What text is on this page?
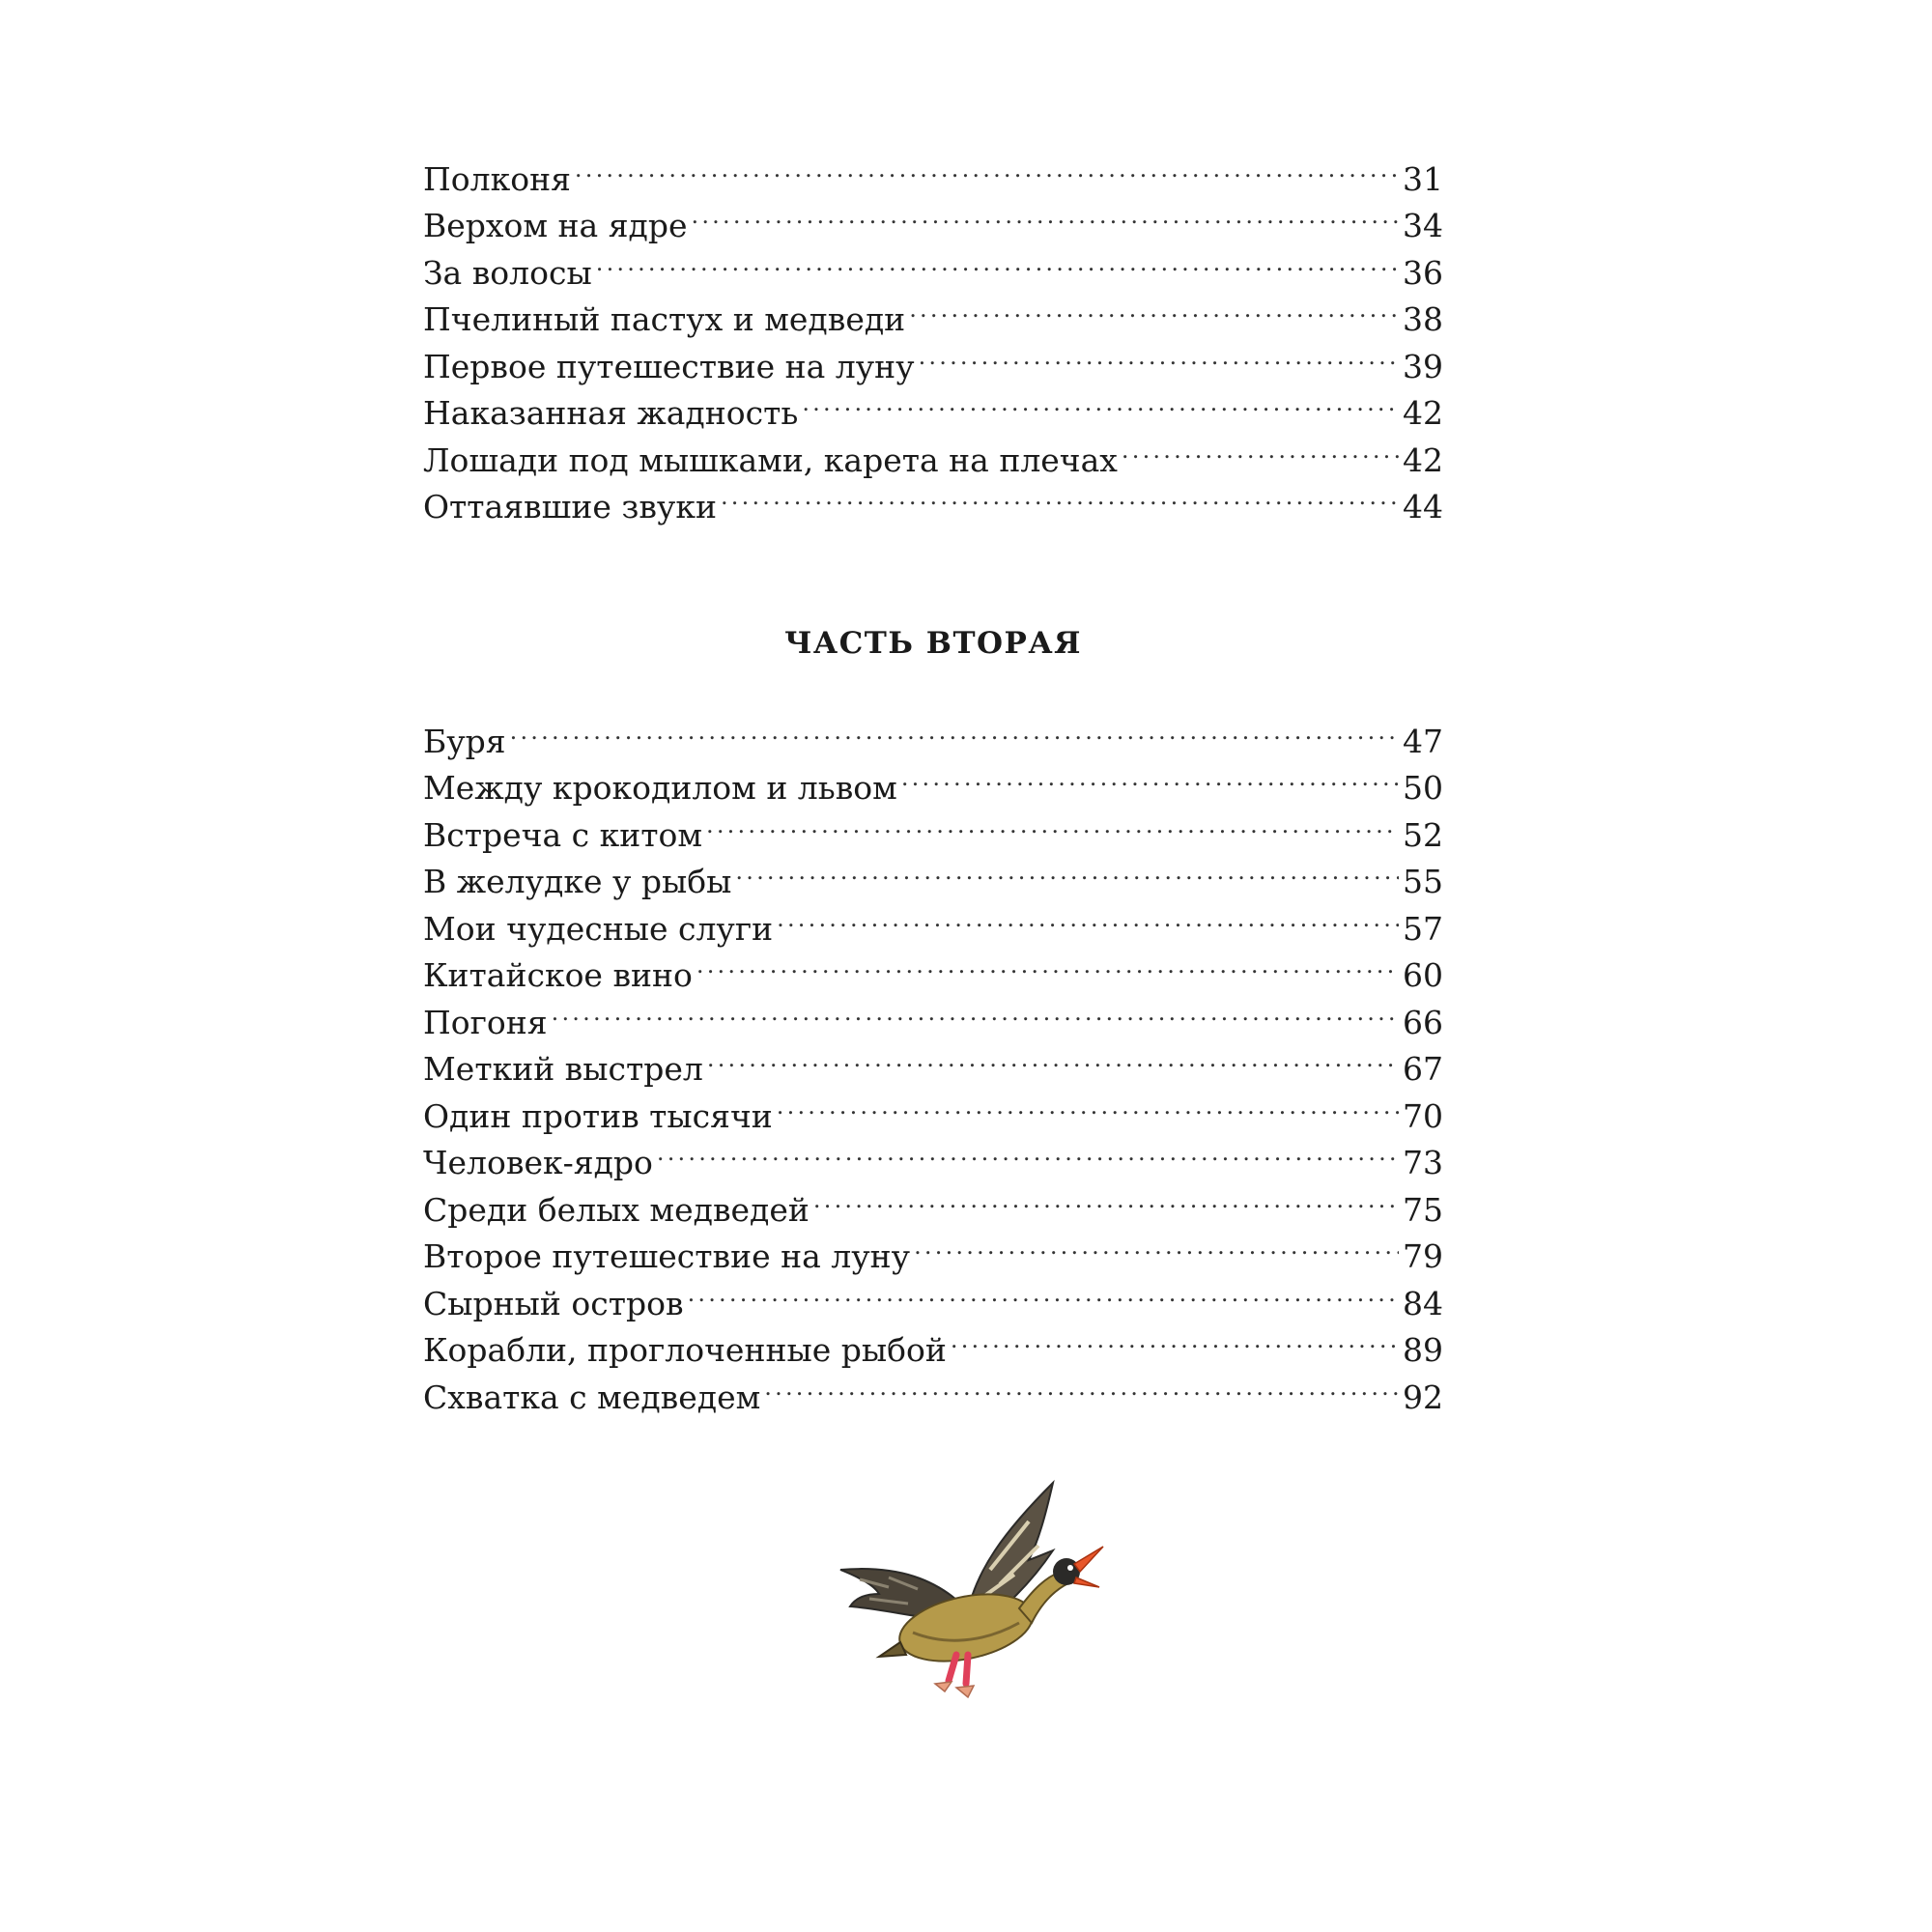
Полконя .....	31
Верхом на ядре .....	34
За волосы .....	36
Пчелиный пастух и медведи .....	38
Первое путешествие на луну .....	39
Наказанная жадность .....	42
Лошади под мышками, карета на плечах .....	42
Оттаявшие звуки .....	44
ЧАСТЬ ВТОРАЯ
Буря .....	47
Между крокодилом и львом .....	50
Встреча с китом .....	52
В желудке у рыбы .....	55
Мои чудесные слуги .....	57
Китайское вино .....	60
Погоня .....	66
Меткий выстрел .....	67
Один против тысячи .....	70
Человек-ядро .....	73
Среди белых медведей .....	75
Второе путешествие на луну .....	79
Сырный остров .....	84
Корабли, проглоченные рыбой .....	89
Схватка с медведем .....	92
